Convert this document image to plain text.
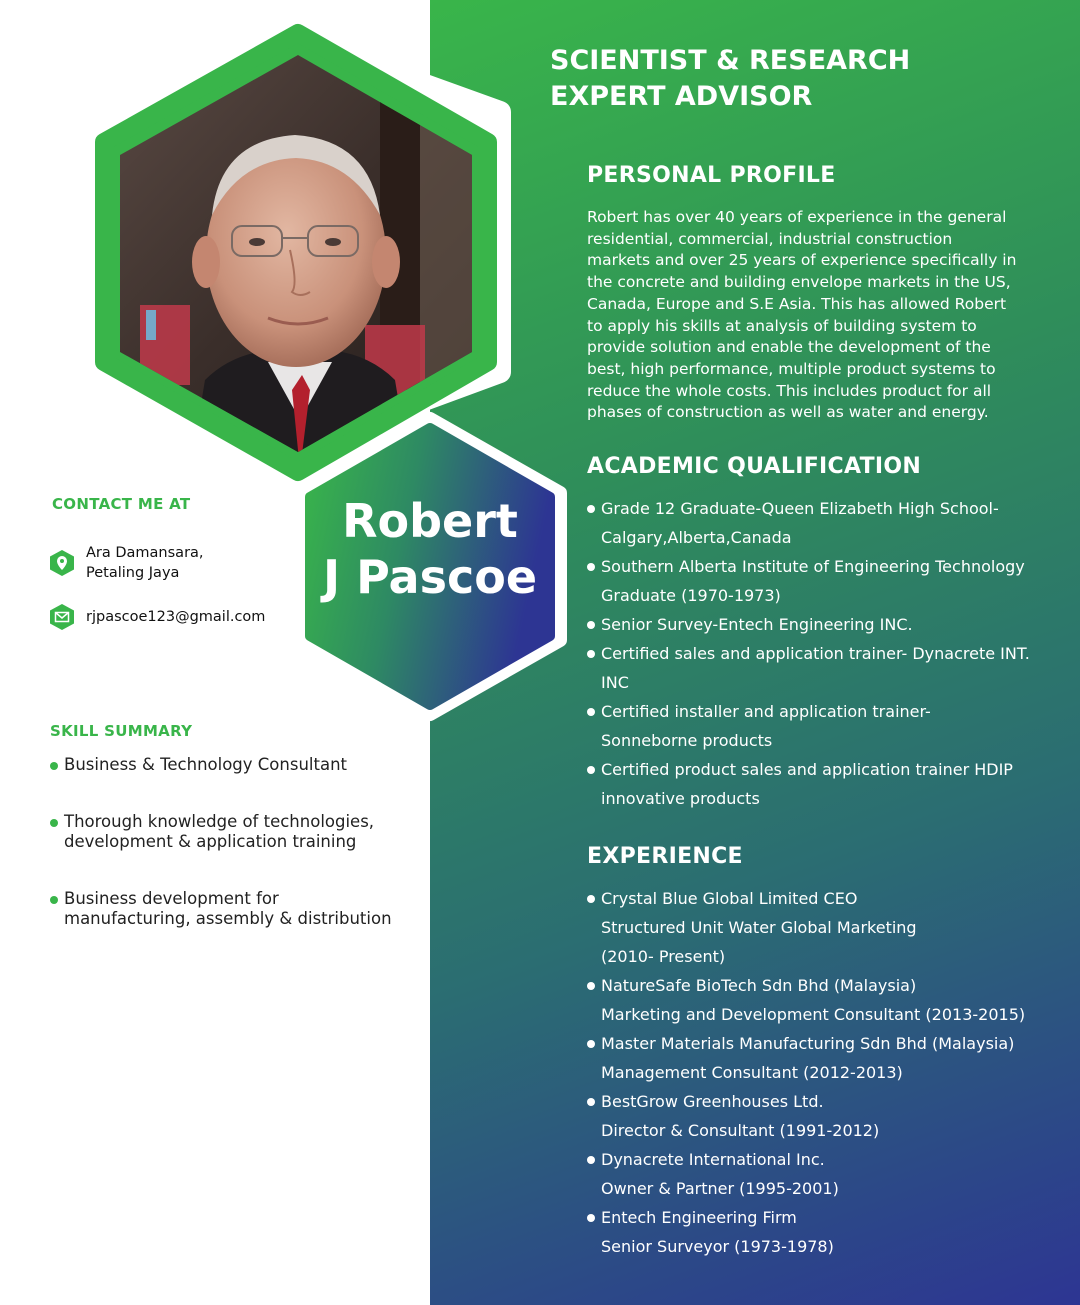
Robert
J Pascoe
CONTACT ME AT
Ara Damansara,
Petaling Jaya
rjpascoe123@gmail.com
SKILL SUMMARY
Business & Technology Consultant
Thorough knowledge of technologies,
development & application training
Business development for
manufacturing, assembly & distribution
SCIENTIST & RESEARCH
EXPERT ADVISOR
PERSONAL PROFILE
Robert has over 40 years of experience in the general
residential, commercial, industrial construction
markets and over 25 years of experience specifically in
the concrete and building envelope markets in the US,
Canada, Europe and S.E Asia. This has allowed Robert
to apply his skills at analysis of building system to
provide solution and enable the development of the
best, high performance, multiple product systems to
reduce the whole costs. This includes product for all
phases of construction as well as water and energy.
ACADEMIC QUALIFICATION
Grade 12 Graduate-Queen Elizabeth High School-
Calgary,Alberta,Canada
Southern Alberta Institute of Engineering Technology
Graduate (1970-1973)
Senior Survey-Entech Engineering INC.
Certified sales and application trainer- Dynacrete INT.
INC
Certified installer and application trainer-
Sonneborne products
Certified product sales and application trainer HDIP
innovative products
EXPERIENCE
Crystal Blue Global Limited CEO
Structured Unit Water Global Marketing
(2010- Present)
NatureSafe BioTech Sdn Bhd (Malaysia)
Marketing and Development Consultant (2013-2015)
Master Materials Manufacturing Sdn Bhd (Malaysia)
Management Consultant (2012-2013)
BestGrow Greenhouses Ltd.
Director & Consultant (1991-2012)
Dynacrete International Inc.
Owner & Partner (1995-2001)
Entech Engineering Firm
Senior Surveyor (1973-1978)
